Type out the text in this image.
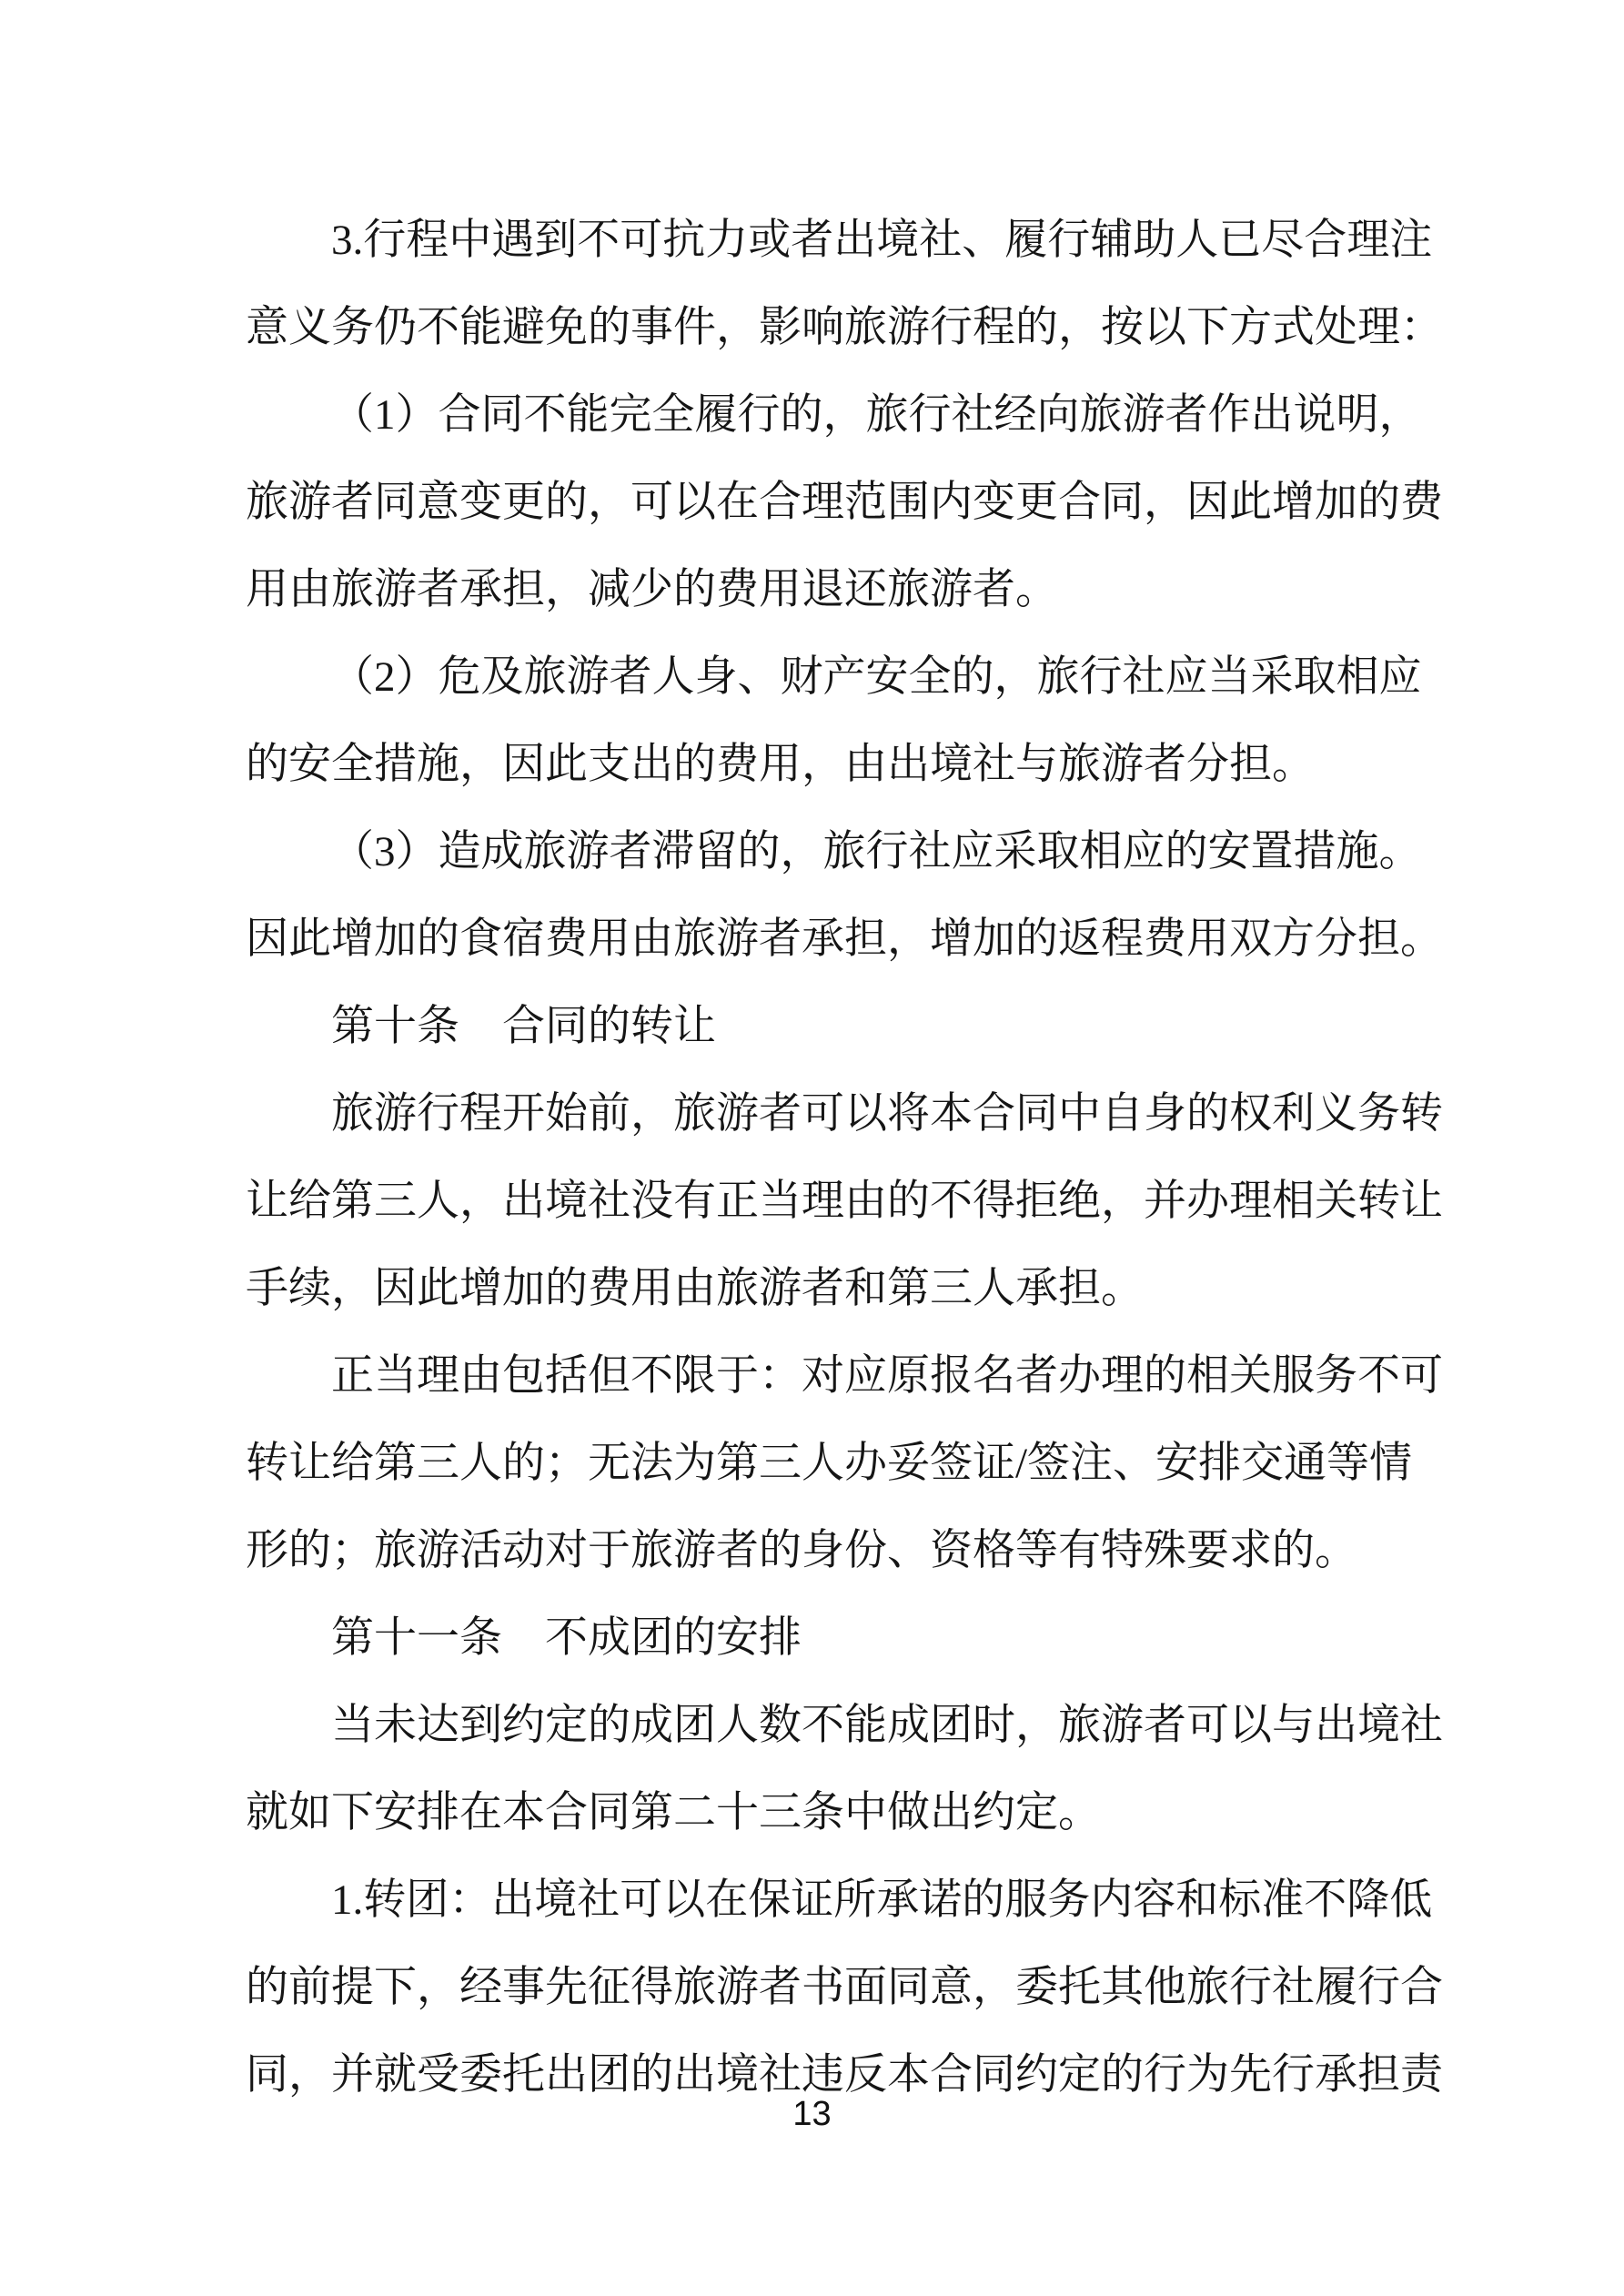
3.行程中遇到不可抗力或者出境社、履行辅助人已尽合理注
意义务仍不能避免的事件，影响旅游行程的，按以下方式处理：
（1）合同不能完全履行的，旅行社经向旅游者作出说明，
旅游者同意变更的，可以在合理范围内变更合同，因此增加的费
用由旅游者承担，减少的费用退还旅游者。
（2）危及旅游者人身、财产安全的，旅行社应当采取相应
的安全措施，因此支出的费用，由出境社与旅游者分担。
（3）造成旅游者滞留的，旅行社应采取相应的安置措施。
因此增加的食宿费用由旅游者承担，增加的返程费用双方分担。
第十条　合同的转让
旅游行程开始前，旅游者可以将本合同中自身的权利义务转
让给第三人，出境社没有正当理由的不得拒绝，并办理相关转让
手续，因此增加的费用由旅游者和第三人承担。
正当理由包括但不限于：对应原报名者办理的相关服务不可
转让给第三人的；无法为第三人办妥签证/签注、安排交通等情
形的；旅游活动对于旅游者的身份、资格等有特殊要求的。
第十一条　不成团的安排
当未达到约定的成团人数不能成团时，旅游者可以与出境社
就如下安排在本合同第二十三条中做出约定。
1.转团：出境社可以在保证所承诺的服务内容和标准不降低
的前提下，经事先征得旅游者书面同意，委托其他旅行社履行合
同，并就受委托出团的出境社违反本合同约定的行为先行承担责
13
